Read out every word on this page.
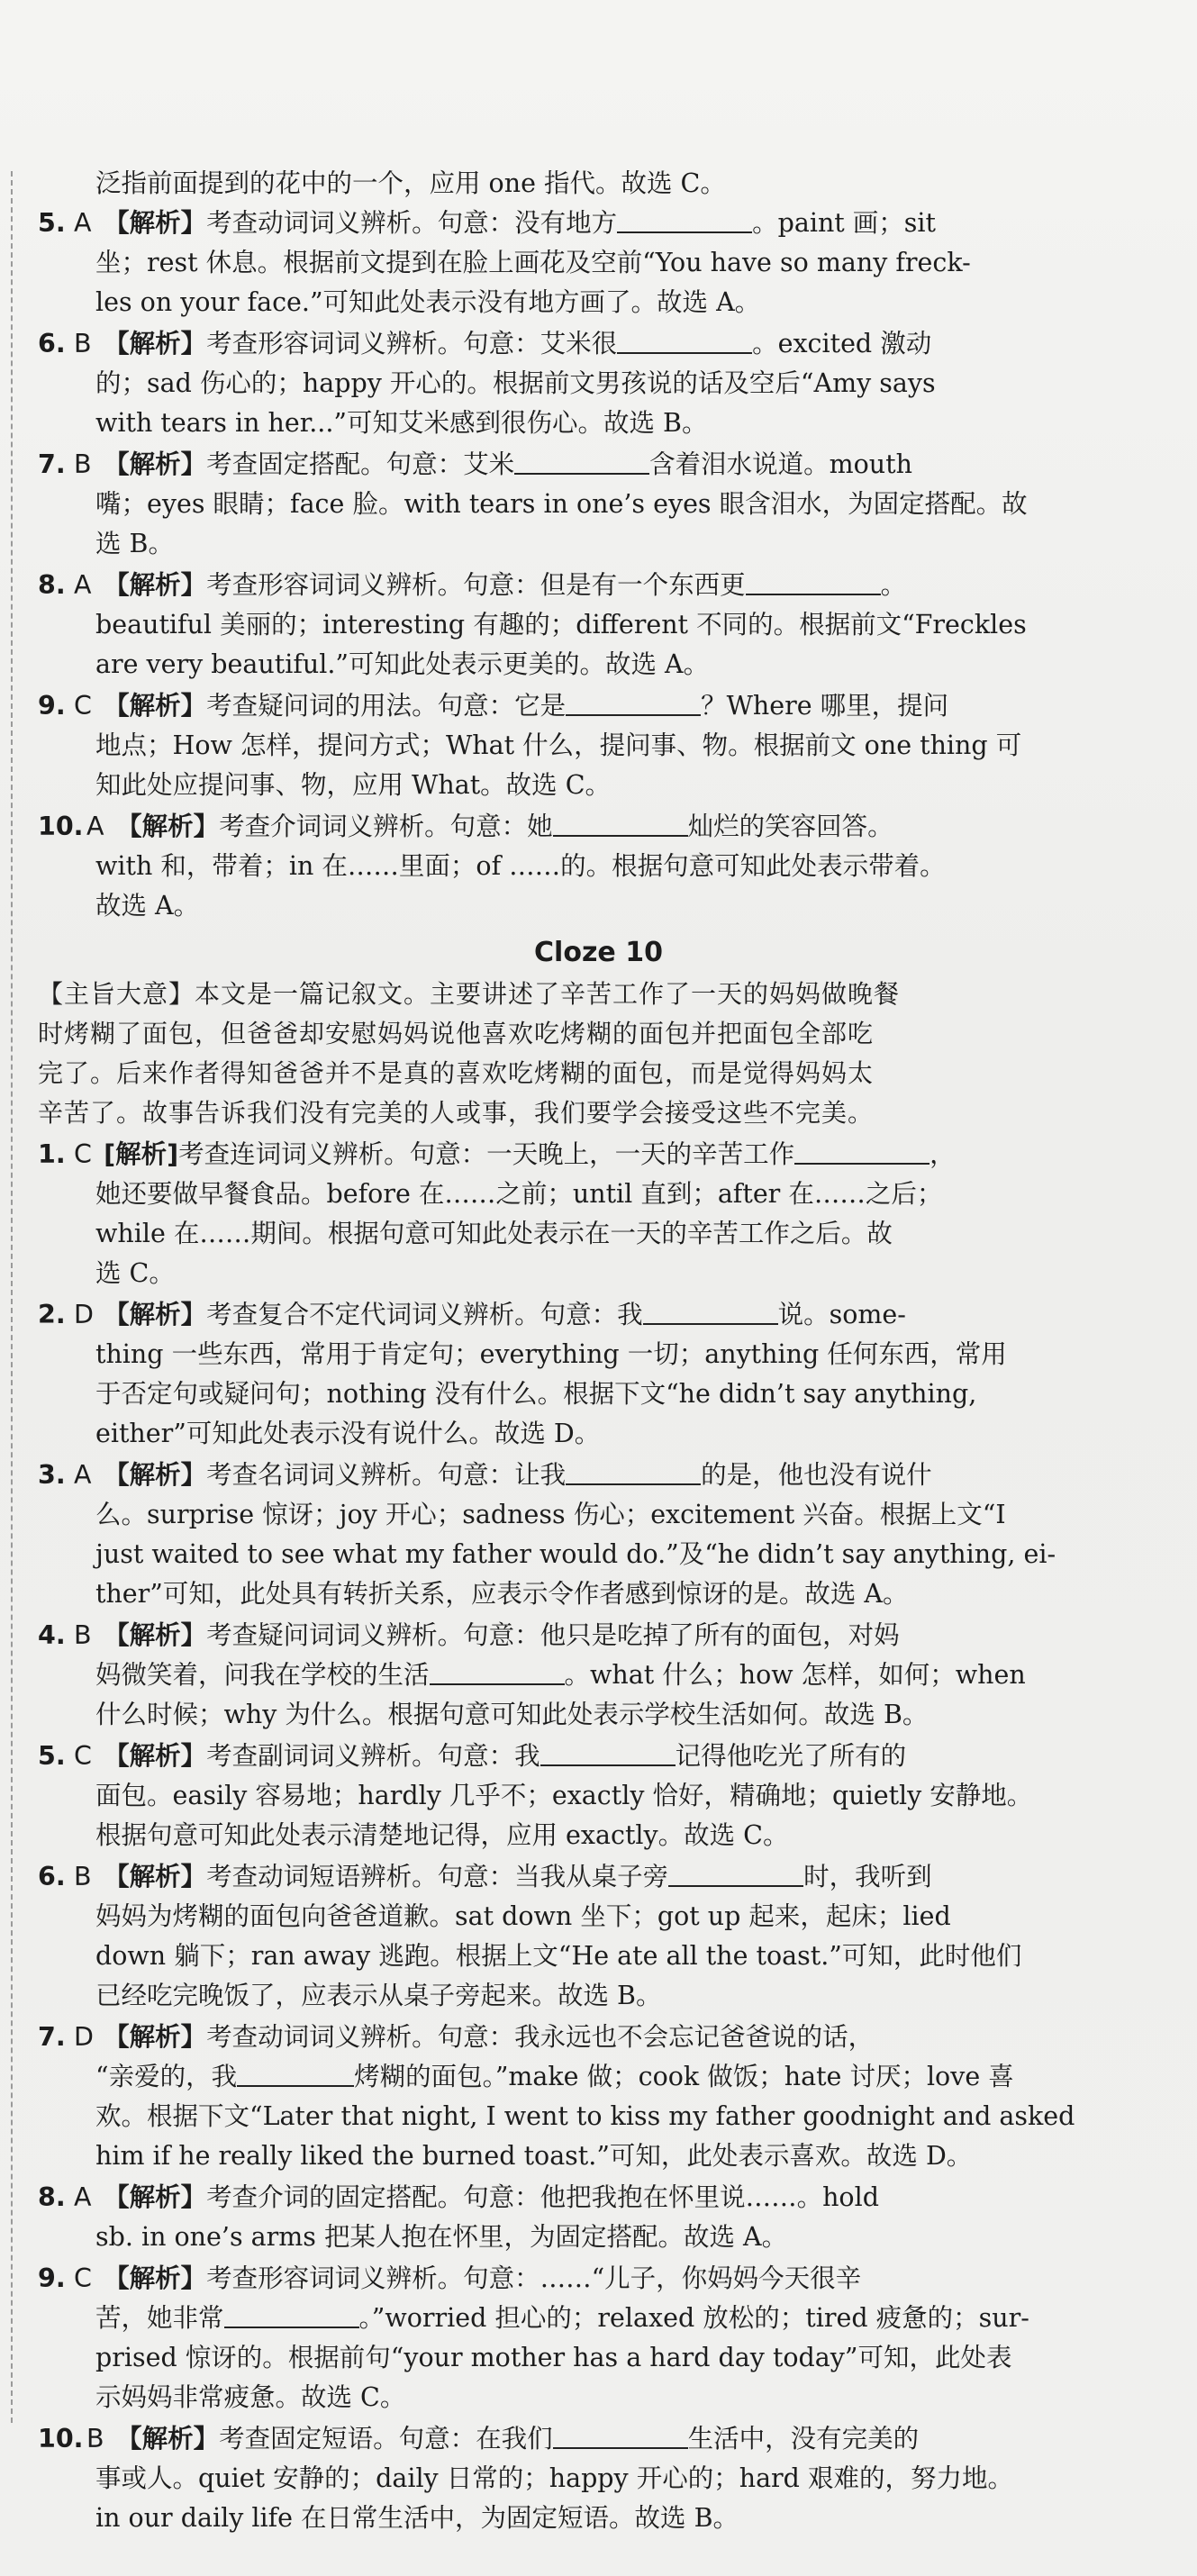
泛指前面提到的花中的一个，应用 one 指代。故选 C。
5. A 【解析】考查动词词义辨析。句意：没有地方	。paint 画；sit
坐；rest 休息。根据前文提到在脸上画花及空前“You have so many freck-
les on your face.”可知此处表示没有地方画了。故选 A。
6. B 【解析】考查形容词词义辨析。句意：艾米很	。excited 激动
的；sad 伤心的；happy 开心的。根据前文男孩说的话及空后“Amy says
with tears in her...”可知艾米感到很伤心。故选 B。
7. B 【解析】考查固定搭配。句意：艾米	含着泪水说道。mouth
嘴；eyes 眼睛；face 脸。with tears in one’s eyes 眼含泪水，为固定搭配。故
选 B。
8. A 【解析】考查形容词词义辨析。句意：但是有一个东西更	。
beautiful 美丽的；interesting 有趣的；different 不同的。根据前文“Freckles
are very beautiful.”可知此处表示更美的。故选 A。
9. C 【解析】考查疑问词的用法。句意：它是	？Where 哪里，提问
地点；How 怎样，提问方式；What 什么，提问事、物。根据前文 one thing 可
知此处应提问事、物，应用 What。故选 C。
10. A 【解析】考查介词词义辨析。句意：她	灿烂的笑容回答。
with 和，带着；in 在……里面；of ……的。根据句意可知此处表示带着。
故选 A。
Cloze 10
【主旨大意】本文是一篇记叙文。主要讲述了辛苦工作了一天的妈妈做晚餐
时烤糊了面包，但爸爸却安慰妈妈说他喜欢吃烤糊的面包并把面包全部吃
完了。后来作者得知爸爸并不是真的喜欢吃烤糊的面包，而是觉得妈妈太
辛苦了。故事告诉我们没有完美的人或事，我们要学会接受这些不完美。
1. C [解析]考查连词词义辨析。句意：一天晚上，一天的辛苦工作	，
她还要做早餐食品。before 在……之前；until 直到；after 在……之后；
while 在……期间。根据句意可知此处表示在一天的辛苦工作之后。故
选 C。
2. D 【解析】考查复合不定代词词义辨析。句意：我	说。some-
thing 一些东西，常用于肯定句；everything 一切；anything 任何东西，常用
于否定句或疑问句；nothing 没有什么。根据下文“he didn’t say anything,
either”可知此处表示没有说什么。故选 D。
3. A 【解析】考查名词词义辨析。句意：让我	的是，他也没有说什
么。surprise 惊讶；joy 开心；sadness 伤心；excitement 兴奋。根据上文“I
just waited to see what my father would do.”及“he didn’t say anything, ei-
ther”可知，此处具有转折关系，应表示令作者感到惊讶的是。故选 A。
4. B 【解析】考查疑问词词义辨析。句意：他只是吃掉了所有的面包，对妈
妈微笑着，问我在学校的生活	。what 什么；how 怎样，如何；when
什么时候；why 为什么。根据句意可知此处表示学校生活如何。故选 B。
5. C 【解析】考查副词词义辨析。句意：我	记得他吃光了所有的
面包。easily 容易地；hardly 几乎不；exactly 恰好，精确地；quietly 安静地。
根据句意可知此处表示清楚地记得，应用 exactly。故选 C。
6. B 【解析】考查动词短语辨析。句意：当我从桌子旁	时，我听到
妈妈为烤糊的面包向爸爸道歉。sat down 坐下；got up 起来，起床；lied
down 躺下；ran away 逃跑。根据上文“He ate all the toast.”可知，此时他们
已经吃完晚饭了，应表示从桌子旁起来。故选 B。
7. D 【解析】考查动词词义辨析。句意：我永远也不会忘记爸爸说的话，
“亲爱的，我	烤糊的面包。”make 做；cook 做饭；hate 讨厌；love 喜
欢。根据下文“Later that night, I went to kiss my father goodnight and asked
him if he really liked the burned toast.”可知，此处表示喜欢。故选 D。
8. A 【解析】考查介词的固定搭配。句意：他把我抱在怀里说……。hold
sb. in one’s arms 把某人抱在怀里，为固定搭配。故选 A。
9. C 【解析】考查形容词词义辨析。句意：……“儿子，你妈妈今天很辛
苦，她非常	。”worried 担心的；relaxed 放松的；tired 疲惫的；sur-
prised 惊讶的。根据前句“your mother has a hard day today”可知，此处表
示妈妈非常疲惫。故选 C。
10. B 【解析】考查固定短语。句意：在我们	生活中，没有完美的
事或人。quiet 安静的；daily 日常的；happy 开心的；hard 艰难的，努力地。
in our daily life 在日常生活中，为固定短语。故选 B。
